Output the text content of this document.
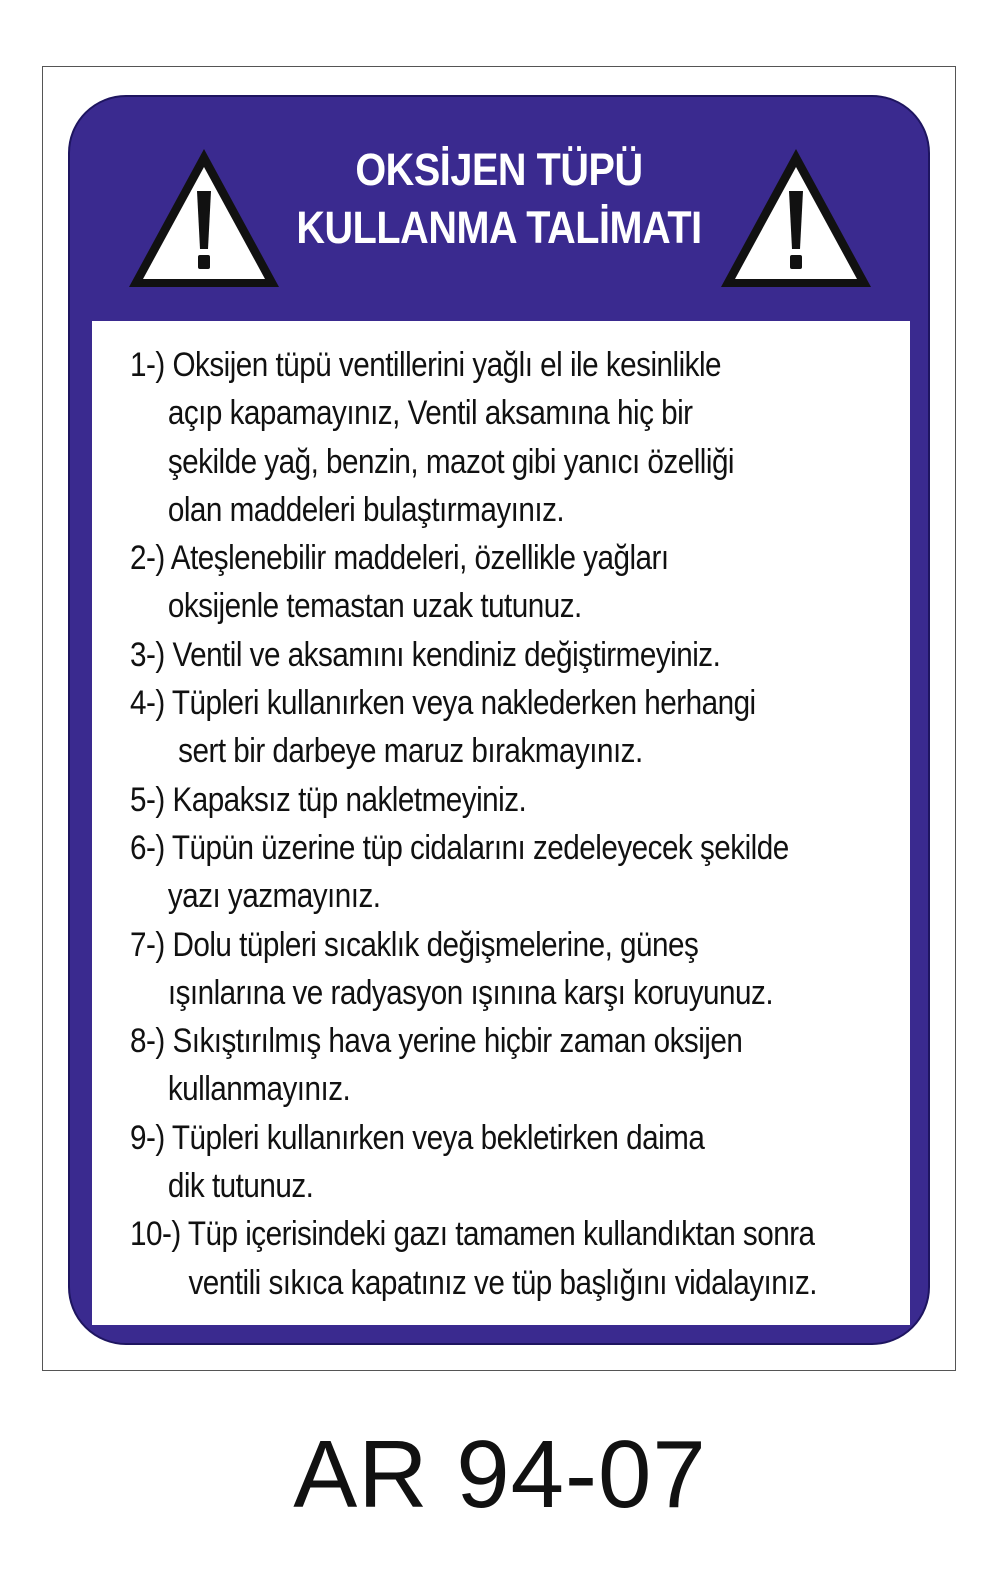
OKSİJEN TÜPÜ
KULLANMA TALİMATI
1-) Oksijen tüpü ventillerini yağlı el ile kesinlikle
açıp kapamayınız, Ventil aksamına hiç bir
şekilde yağ, benzin, mazot gibi yanıcı özelliği
olan maddeleri bulaştırmayınız.
2-) Ateşlenebilir maddeleri, özellikle yağları
oksijenle temastan uzak tutunuz.
3-) Ventil ve aksamını kendiniz değiştirmeyiniz.
4-) Tüpleri kullanırken veya naklederken herhangi
sert bir darbeye maruz bırakmayınız.
5-) Kapaksız tüp nakletmeyiniz.
6-) Tüpün üzerine tüp cidalarını zedeleyecek şekilde
yazı yazmayınız.
7-) Dolu tüpleri sıcaklık değişmelerine, güneş
ışınlarına ve radyasyon ışınına karşı koruyunuz.
8-) Sıkıştırılmış hava yerine hiçbir zaman oksijen
kullanmayınız.
9-) Tüpleri kullanırken veya bekletirken daima
dik tutunuz.
10-) Tüp içerisindeki gazı tamamen kullandıktan sonra
ventili sıkıca kapatınız ve tüp başlığını vidalayınız.
AR 94-07
